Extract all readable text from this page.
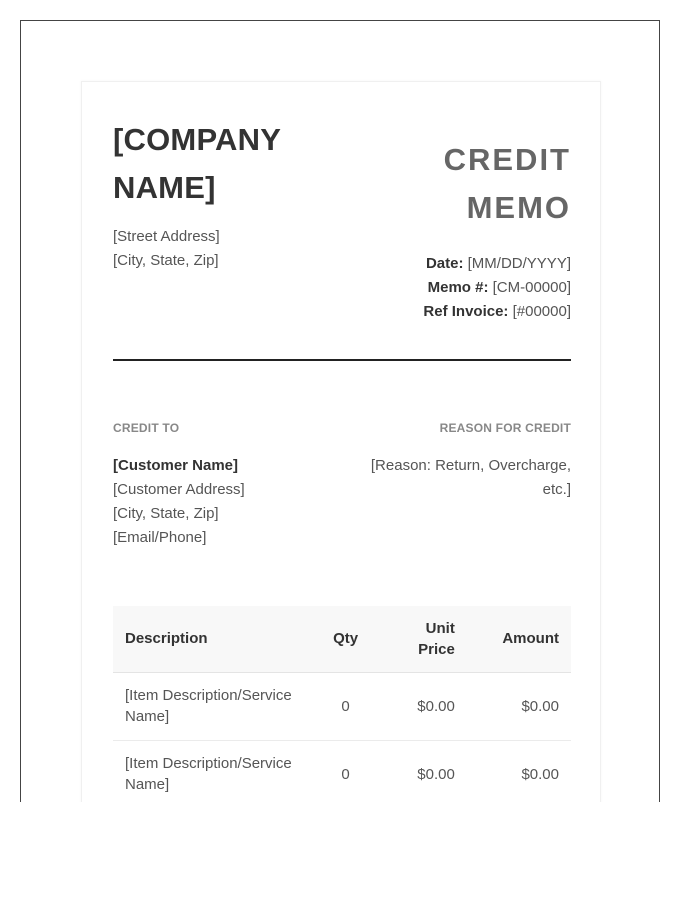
[COMPANY NAME]
[Street Address]
[City, State, Zip]
CREDIT MEMO
Date: [MM/DD/YYYY]
Memo #: [CM-00000]
Ref Invoice: [#00000]
CREDIT TO	REASON FOR CREDIT
[Customer Name]
[Customer Address]
[City, State, Zip]
[Email/Phone]
[Reason: Return, Overcharge, etc.]
Description	Qty	Unit Price	Amount
[Item Description/Service Name]	0	$0.00	$0.00
[Item Description/Service Name]	0	$0.00	$0.00
